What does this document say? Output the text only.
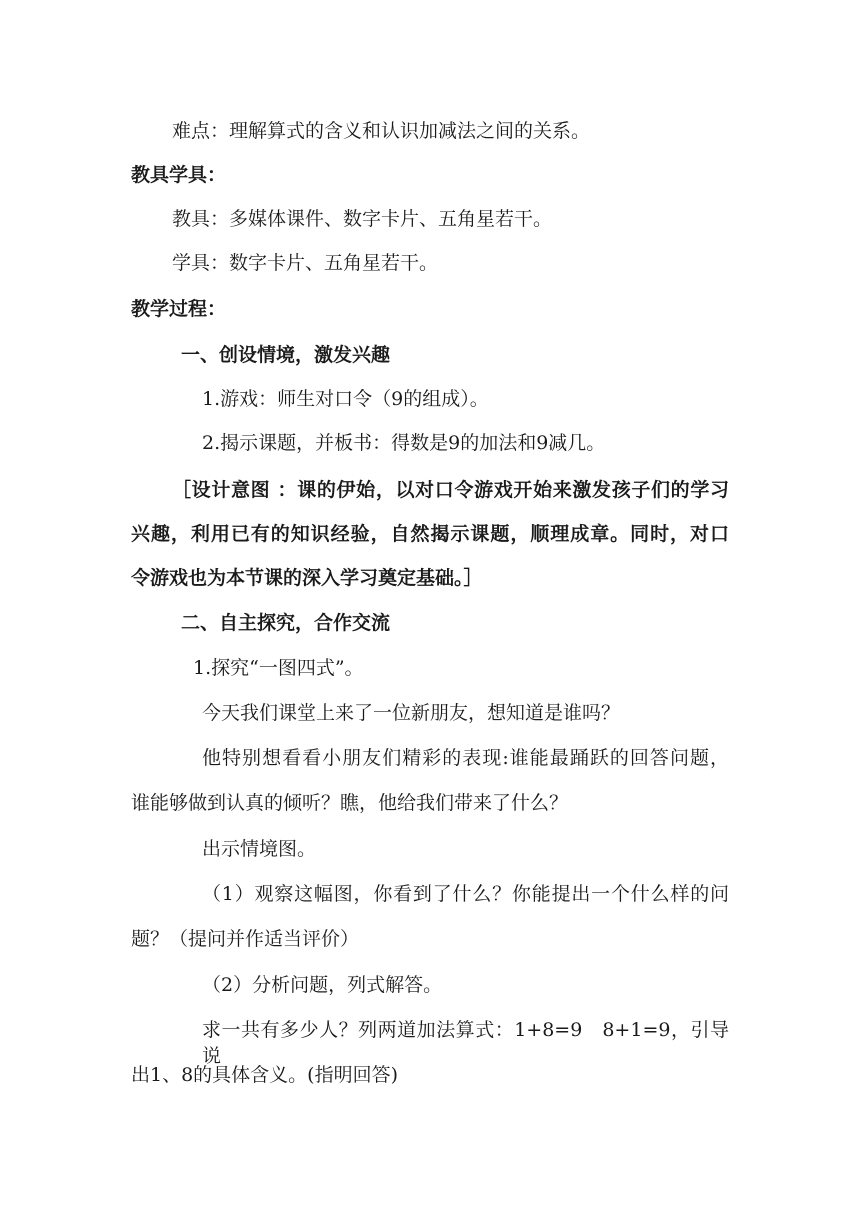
难点：理解算式的含义和认识加减法之间的关系。
教具学具：
教具：多媒体课件、数字卡片、五角星若干。
学具：数字卡片、五角星若干。
教学过程：
一、创设情境，激发兴趣
1.游戏：师生对口令（9的组成）。
2.揭示课题，并板书：得数是9的加法和9减几。
［设计意图 ：课的伊始，以对口令游戏开始来激发孩子们的学习
兴趣，利用已有的知识经验，自然揭示课题，顺理成章。同时，对口
令游戏也为本节课的深入学习奠定基础。］
二、自主探究，合作交流
1.探究“一图四式”。
今天我们课堂上来了一位新朋友，想知道是谁吗？
他特别想看看小朋友们精彩的表现:谁能最踊跃的回答问题，
谁能够做到认真的倾听？瞧，他给我们带来了什么？
出示情境图。
（1）观察这幅图，你看到了什么？你能提出一个什么样的问
题？（提问并作适当评价）
（2）分析问题，列式解答。
求一共有多少人？列两道加法算式：1+8=9　8+1=9，引导说
出1、8的具体含义。(指明回答)
